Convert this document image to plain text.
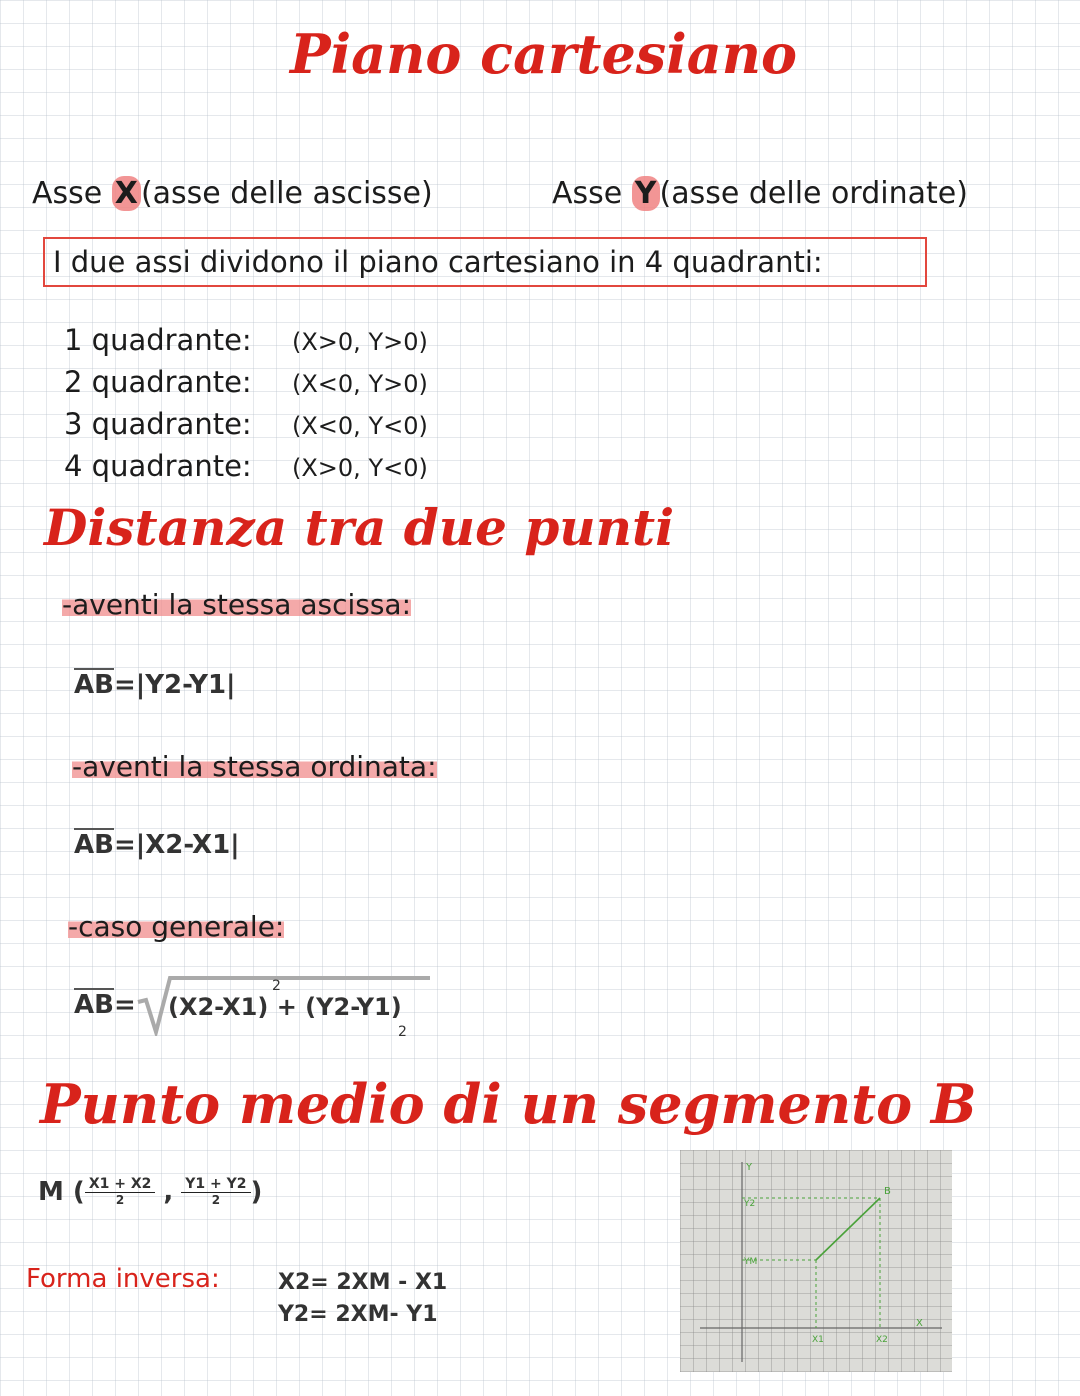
Piano cartesiano
Asse X (asse delle ascisse)	Asse Y (asse delle ordinate)
I due assi dividono il piano cartesiano in 4 quadranti:
1 quadrante: (X>0, Y>0)
2 quadrante: (X<0, Y>0)
3 quadrante: (X<0, Y<0)
4 quadrante: (X>0, Y<0)
Distanza tra due punti
-aventi la stessa ascissa:
AB=|Y2-Y1|
-aventi la stessa ordinata:
AB=|X2-X1|
-caso generale:
AB= (X2-X1) + (Y2-Y1)
2
2
Punto medio di un segmento B
M ( $\frac{X1 + X2}{2}$ , $\frac{Y1 + Y2}{2}$ )
Forma inversa:	X2= 2XM - X1
Y2= 2XM- Y1
Y
X
Y2
YM
X1	X2
B
